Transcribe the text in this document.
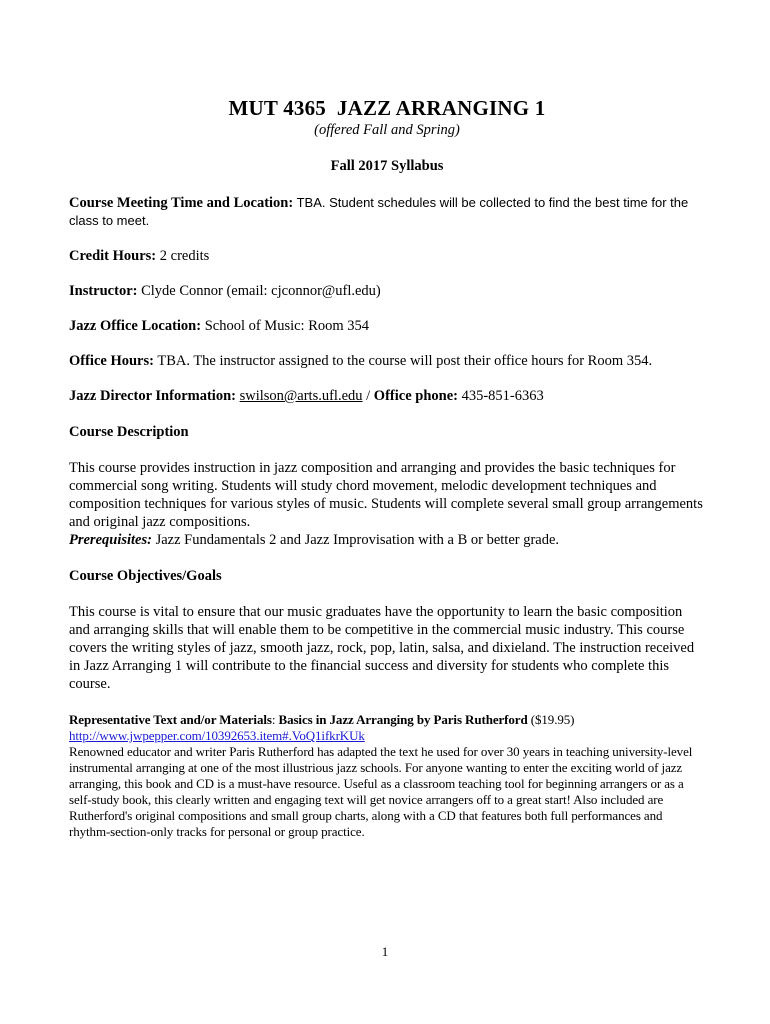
MUT 4365  JAZZ ARRANGING 1
(offered Fall and Spring)
Fall 2017 Syllabus
Course Meeting Time and Location: TBA. Student schedules will be collected to find the best time for the class to meet.
Credit Hours: 2 credits
Instructor: Clyde Connor (email: cjconnor@ufl.edu)
Jazz Office Location: School of Music: Room 354
Office Hours: TBA. The instructor assigned to the course will post their office hours for Room 354.
Jazz Director Information: swilson@arts.ufl.edu / Office phone: 435-851-6363
Course Description
This course provides instruction in jazz composition and arranging and provides the basic techniques for commercial song writing. Students will study chord movement, melodic development techniques and composition techniques for various styles of music. Students will complete several small group arrangements and original jazz compositions.
Prerequisites: Jazz Fundamentals 2 and Jazz Improvisation with a B or better grade.
Course Objectives/Goals
This course is vital to ensure that our music graduates have the opportunity to learn the basic composition and arranging skills that will enable them to be competitive in the commercial music industry. This course covers the writing styles of jazz, smooth jazz, rock, pop, latin, salsa, and dixieland. The instruction received in Jazz Arranging 1 will contribute to the financial success and diversity for students who complete this course.
Representative Text and/or Materials: Basics in Jazz Arranging by Paris Rutherford ($19.95)
http://www.jwpepper.com/10392653.item#.VoQ1ifkrKUk
Renowned educator and writer Paris Rutherford has adapted the text he used for over 30 years in teaching university-level instrumental arranging at one of the most illustrious jazz schools. For anyone wanting to enter the exciting world of jazz arranging, this book and CD is a must-have resource. Useful as a classroom teaching tool for beginning arrangers or as a self-study book, this clearly written and engaging text will get novice arrangers off to a great start! Also included are Rutherford's original compositions and small group charts, along with a CD that features both full performances and rhythm-section-only tracks for personal or group practice.
1
